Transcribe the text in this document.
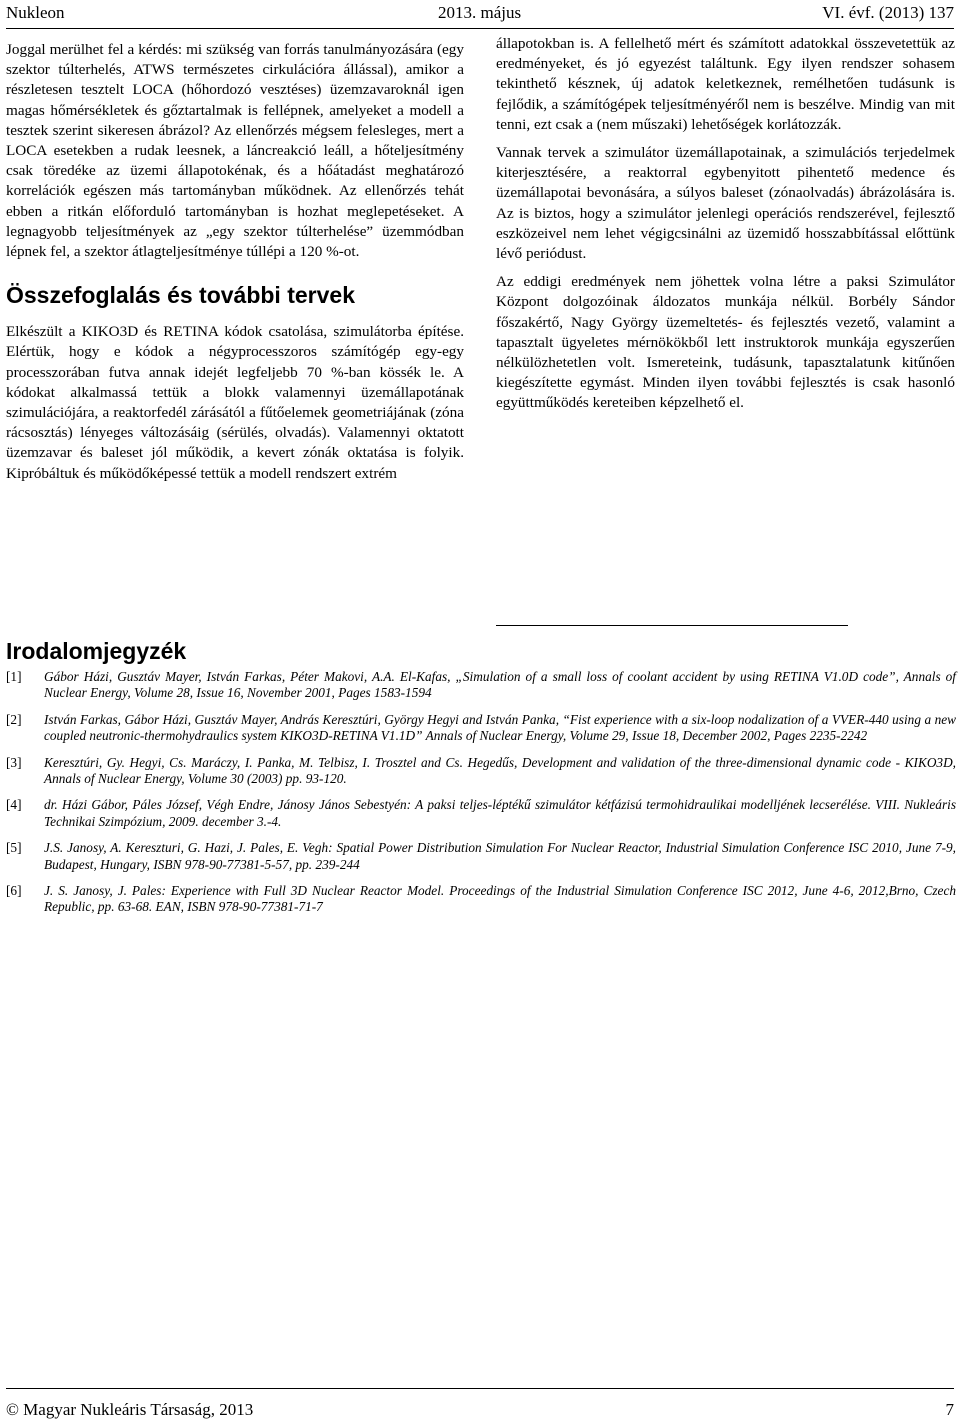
Nukleon	2013. május	VI. évf. (2013) 137

Joggal merülhet fel a kérdés: mi szükség van forrás tanulmányozására (egy szektor túlterhelés, ATWS természetes cirkulációra állással), amikor a részletesen tesztelt LOCA (hőhordozó vesztéses) üzemzavaroknál igen magas hőmérsékletek és gőztartalmak is fellépnek, amelyeket a modell a tesztek szerint sikeresen ábrázol? Az ellenőrzés mégsem felesleges, mert a LOCA esetekben a rudak leesnek, a láncreakció leáll, a hőteljesítmény csak töredéke az üzemi állapotokénak, és a hőátadást meghatározó korrelációk egészen más tartományban működnek. Az ellenőrzés tehát ebben a ritkán előforduló tartományban is hozhat meglepetéseket. A legnagyobb teljesítmények az „egy szektor túlterhelése” üzemmódban lépnek fel, a szektor átlagteljesítménye túllépi a 120 %-ot.

Összefoglalás és további tervek

Elkészült a KIKO3D és RETINA kódok csatolása, szimulátorba építése. Elértük, hogy e kódok a négyprocesszoros számítógép egy-egy processzorában futva annak idejét legfeljebb 70 %-ban kössék le. A kódokat alkalmassá tettük a blokk valamennyi üzemállapotának szimulációjára, a reaktorfedél zárásától a fűtőelemek geometriájának (zóna rácsosztás) lényeges változásáig (sérülés, olvadás). Valamennyi oktatott üzemzavar és baleset jól működik, a kevert zónák oktatása is folyik. Kipróbáltuk és működőképessé tettük a modell rendszert extrém

állapotokban is. A fellelhető mért és számított adatokkal összevetettük az eredményeket, és jó egyezést találtunk. Egy ilyen rendszer sohasem tekinthető késznek, új adatok keletkeznek, remélhetően tudásunk is fejlődik, a számítógépek teljesítményéről nem is beszélve. Mindig van mit tenni, ezt csak a (nem műszaki) lehetőségek korlátozzák.

Vannak tervek a szimulátor üzemállapotainak, a szimulációs terjedelmek kiterjesztésére, a reaktorral egybenyitott pihentető medence és üzemállapotai bevonására, a súlyos baleset (zónaolvadás) ábrázolására is. Az is biztos, hogy a szimulátor jelenlegi operációs rendszerével, fejlesztő eszközeivel nem lehet végigcsinálni az üzemidő hosszabbítással előttünk lévő periódust.

Az eddigi eredmények nem jöhettek volna létre a paksi Szimulátor Központ dolgozóinak áldozatos munkája nélkül. Borbély Sándor főszakértő, Nagy György üzemeltetés- és fejlesztés vezető, valamint a tapasztalt ügyeletes mérnökökből lett instruktorok munkája egyszerűen nélkülözhetetlen volt. Ismereteink, tudásunk, tapasztalatunk kitűnően kiegészítette egymást. Minden ilyen további fejlesztés is csak hasonló együttműködés kereteiben képzelhető el.

Irodalomjegyzék
[1] Gábor Házi, Gusztáv Mayer, István Farkas, Péter Makovi, A.A. El-Kafas, „Simulation of a small loss of coolant accident by using RETINA V1.0D code”, Annals of Nuclear Energy, Volume 28, Issue 16, November 2001, Pages 1583-1594
[2] István Farkas, Gábor Házi, Gusztáv Mayer, András Keresztúri, György Hegyi and István Panka, “Fist experience with a six-loop nodalization of a VVER-440 using a new coupled neutronic-thermohydraulics system KIKO3D-RETINA V1.1D” Annals of Nuclear Energy, Volume 29, Issue 18, December 2002, Pages 2235-2242
[3] Keresztúri, Gy. Hegyi, Cs. Maráczy, I. Panka, M. Telbisz, I. Trosztel and Cs. Hegedűs, Development and validation of the three-dimensional dynamic code - KIKO3D, Annals of Nuclear Energy, Volume 30 (2003) pp. 93-120.
[4] dr. Házi Gábor, Páles József, Végh Endre, Jánosy János Sebestyén: A paksi teljes-léptékű szimulátor kétfázisú termohidraulikai modelljének lecserélése. VIII. Nukleáris Technikai Szimpózium, 2009. december 3.-4.
[5] J.S. Janosy, A. Kereszturi, G. Hazi, J. Pales, E. Vegh: Spatial Power Distribution Simulation For Nuclear Reactor, Industrial Simulation Conference ISC 2010, June 7-9, Budapest, Hungary, ISBN 978-90-77381-5-57, pp. 239-244
[6] J. S. Janosy, J. Pales: Experience with Full 3D Nuclear Reactor Model. Proceedings of the Industrial Simulation Conference ISC 2012, June 4-6, 2012,Brno, Czech Republic, pp. 63-68. EAN, ISBN 978-90-77381-71-7
© Magyar Nukleáris Társaság, 2013	7
